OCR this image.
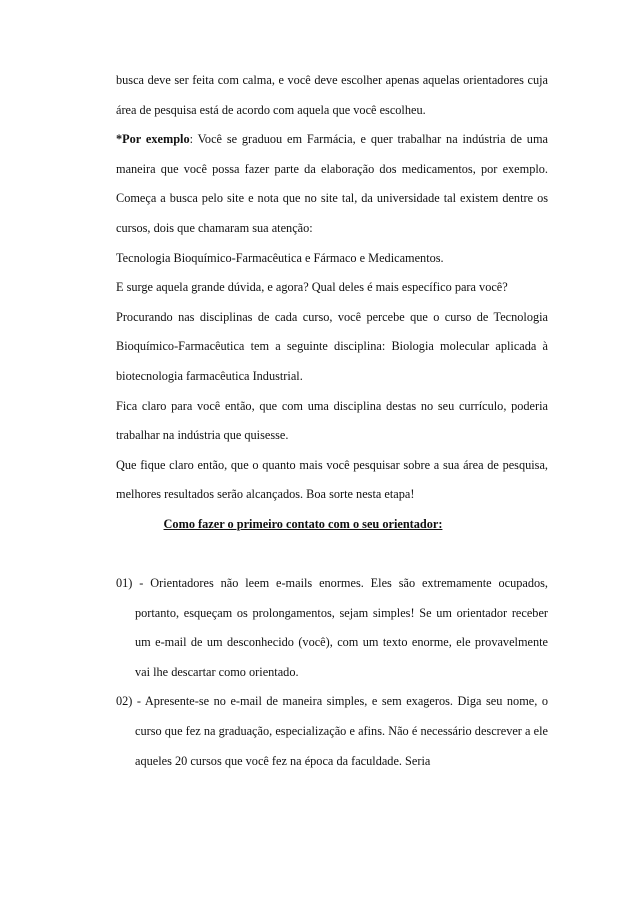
busca deve ser feita com calma, e você deve escolher apenas aquelas orientadores cuja área de pesquisa está de acordo com aquela que você escolheu.

*Por exemplo: Você se graduou em Farmácia, e quer trabalhar na indústria de uma maneira que você possa fazer parte da elaboração dos medicamentos, por exemplo. Começa a busca pelo site e nota que no site tal, da universidade tal existem dentre os cursos, dois que chamaram sua atenção:

Tecnologia Bioquímico-Farmacêutica e Fármaco e Medicamentos.

E surge aquela grande dúvida, e agora? Qual deles é mais específico para você?

Procurando nas disciplinas de cada curso, você percebe que o curso de Tecnologia Bioquímico-Farmacêutica tem a seguinte disciplina: Biologia molecular aplicada à biotecnologia farmacêutica Industrial.

Fica claro para você então, que com uma disciplina destas no seu currículo, poderia trabalhar na indústria que quisesse.

Que fique claro então, que o quanto mais você pesquisar sobre a sua área de pesquisa, melhores resultados serão alcançados. Boa sorte nesta etapa!

Como fazer o primeiro contato com o seu orientador:

01) - Orientadores não leem e-mails enormes. Eles são extremamente ocupados, portanto, esqueçam os prolongamentos, sejam simples! Se um orientador receber um e-mail de um desconhecido (você), com um texto enorme, ele provavelmente vai lhe descartar como orientado.

02) - Apresente-se no e-mail de maneira simples, e sem exageros. Diga seu nome, o curso que fez na graduação, especialização e afins. Não é necessário descrever a ele aqueles 20 cursos que você fez na época da faculdade. Seria
